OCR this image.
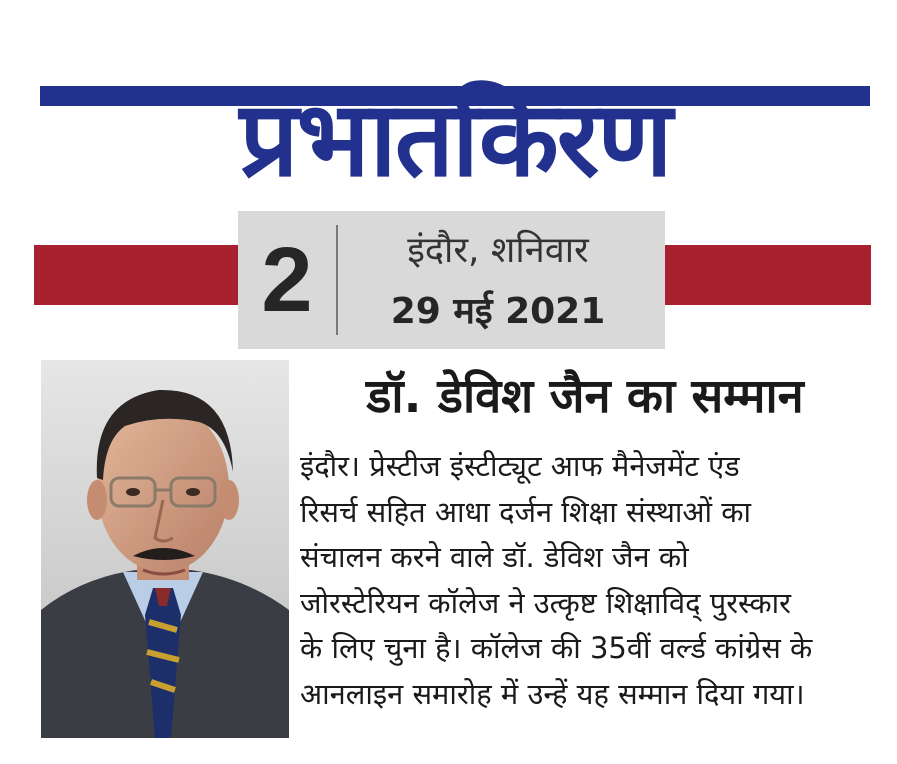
प्रभातकिरण
2	इंदौर, शनिवार
29 मई 2021
डॉ. डेविश जैन का सम्मान
इंदौर। प्रेस्टीज इंस्टीट्यूट आफ मैनेजमेंट एंड
रिसर्च सहित आधा दर्जन शिक्षा संस्थाओं का
संचालन करने वाले डॉ. डेविश जैन को
जोरस्टेरियन कॉलेज ने उत्कृष्ट शिक्षाविद् पुरस्कार
के लिए चुना है। कॉलेज की 35वीं वर्ल्ड कांग्रेस के
आनलाइन समारोह में उन्हें यह सम्मान दिया गया।
